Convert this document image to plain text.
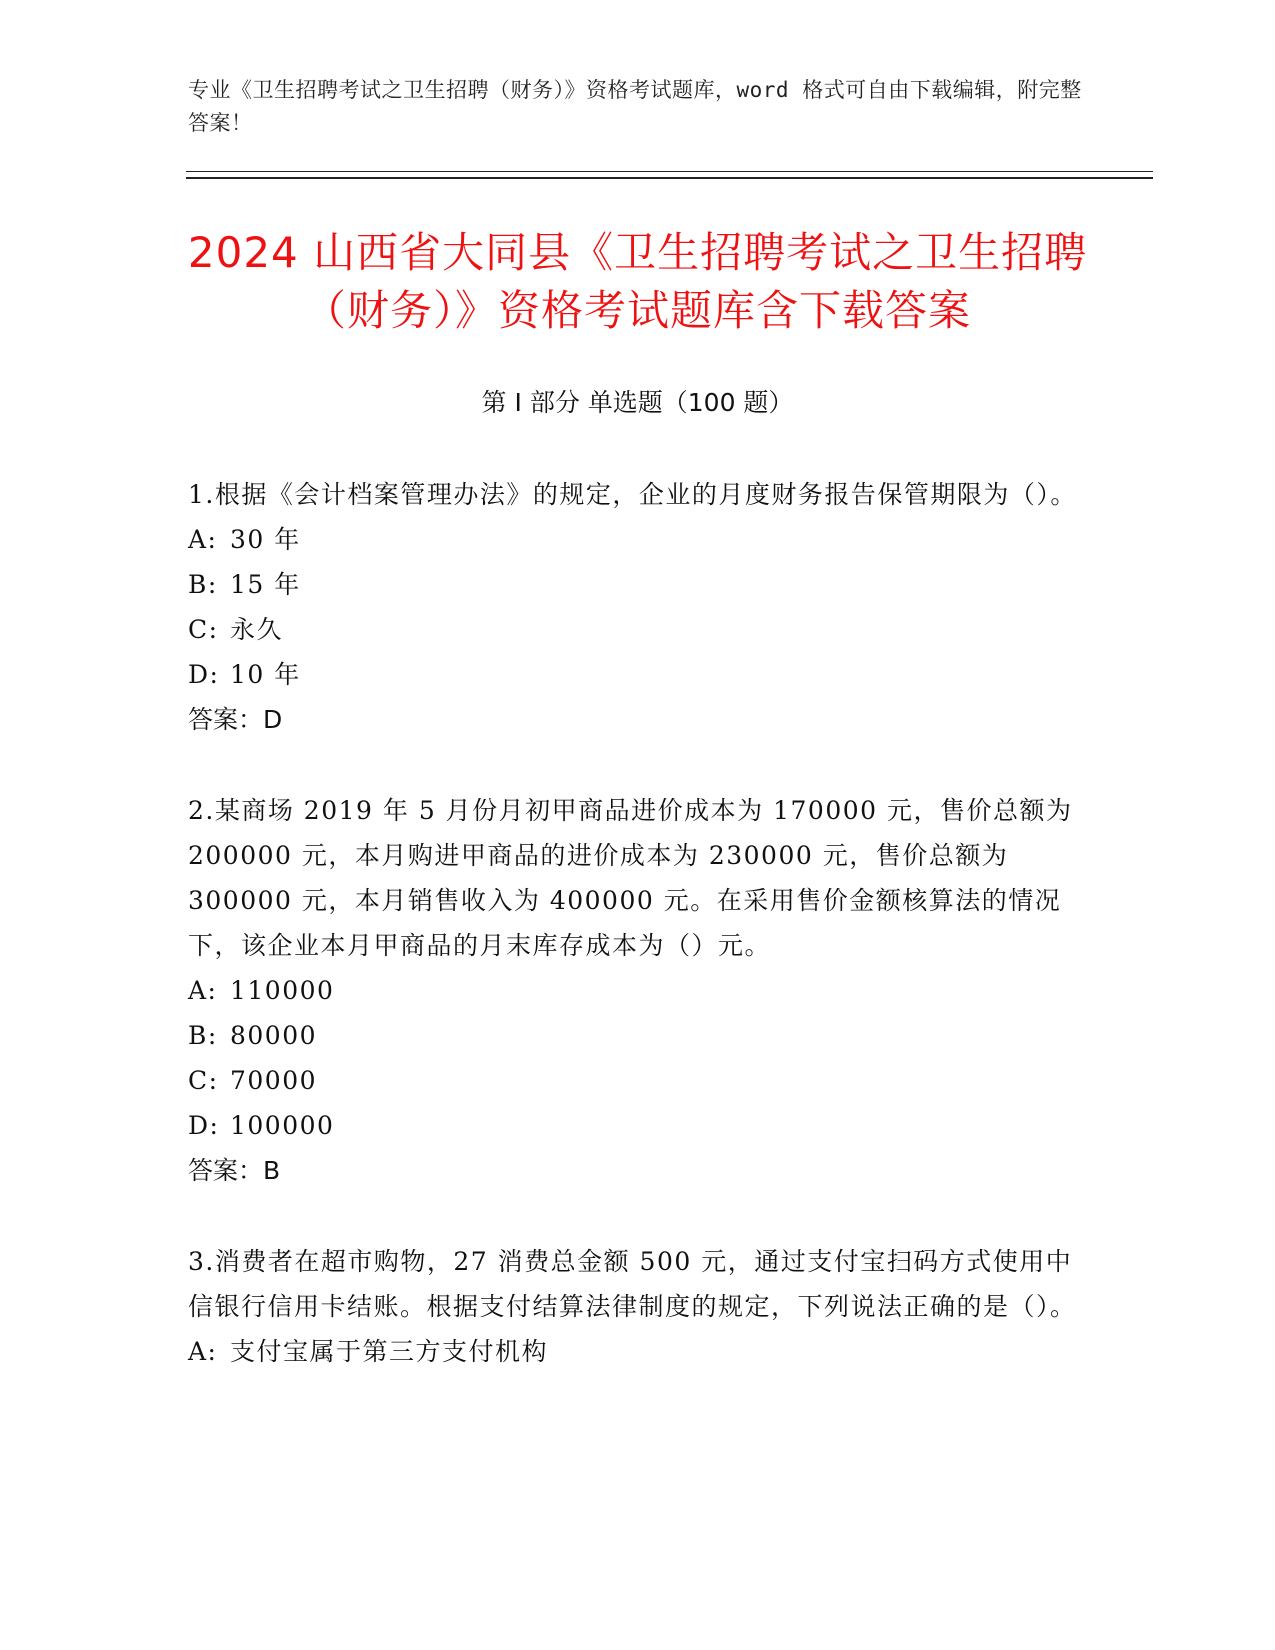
专业《卫生招聘考试之卫生招聘（财务）》资格考试题库，word 格式可自由下载编辑，附完整答案！
2024 山西省大同县《卫生招聘考试之卫生招聘（财务）》资格考试题库含下载答案
第 I 部分 单选题（100 题）

1.根据《会计档案管理办法》的规定，企业的月度财务报告保管期限为（）。

A: 30 年

B: 15 年

C: 永久

D: 10 年

答案：D

2.某商场 2019 年 5 月份月初甲商品进价成本为 170000 元，售价总额为 200000 元，本月购进甲商品的进价成本为 230000 元，售价总额为 300000 元，本月销售收入为 400000 元。在采用售价金额核算法的情况下，该企业本月甲商品的月末库存成本为（）元。

A: 110000

B: 80000

C: 70000

D: 100000

答案：B

3.消费者在超市购物，27 消费总金额 500 元，通过支付宝扫码方式使用中信银行信用卡结账。根据支付结算法律制度的规定，下列说法正确的是（）。

A: 支付宝属于第三方支付机构
